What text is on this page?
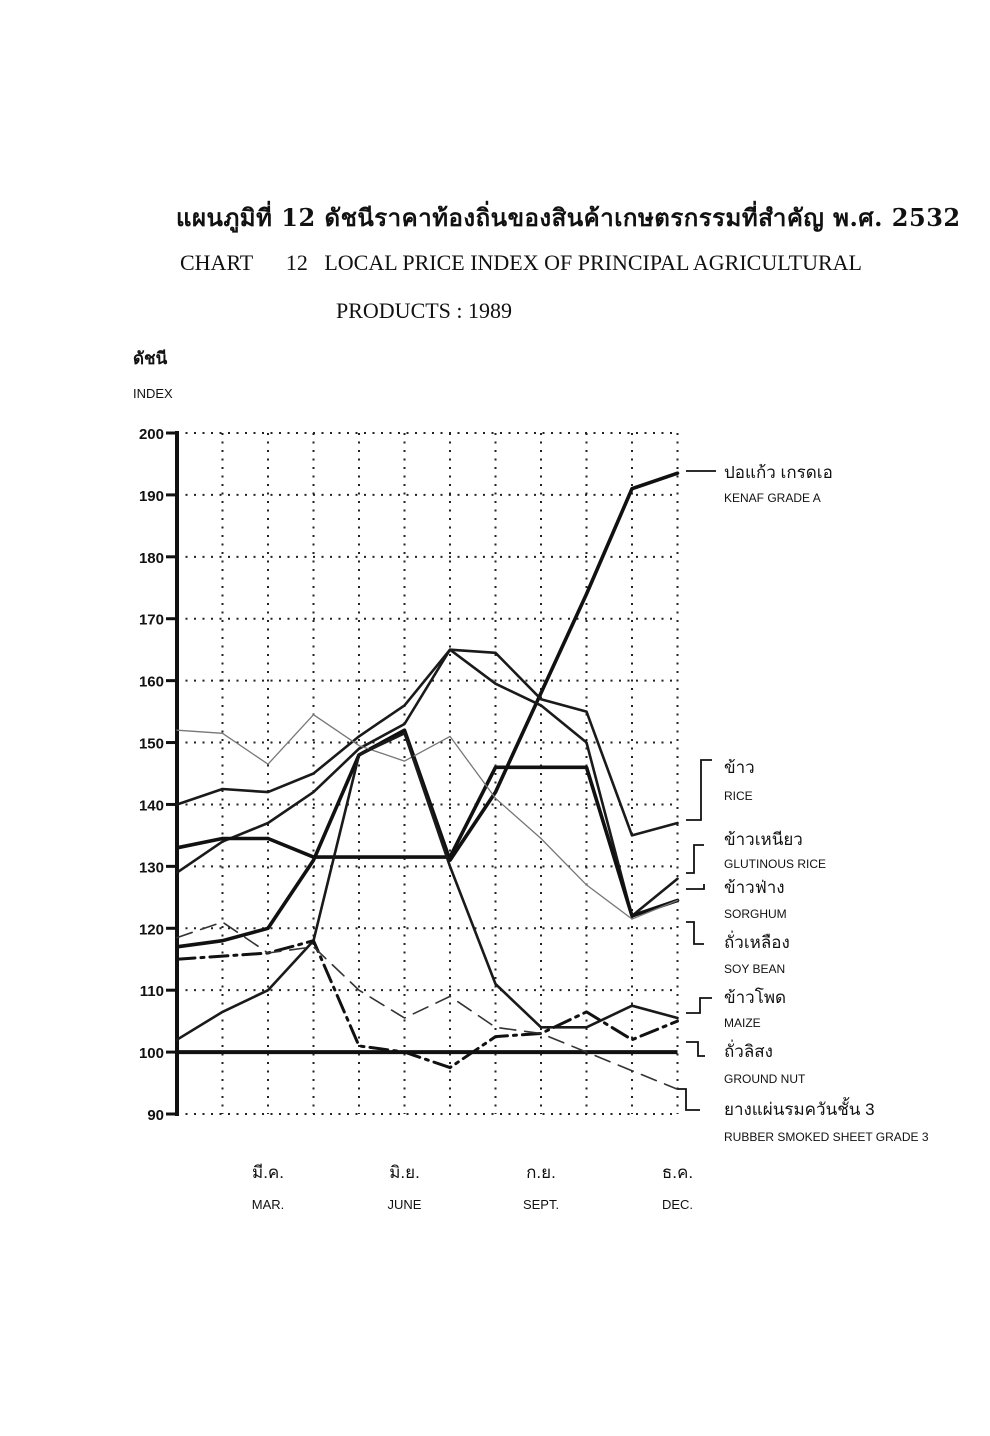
แผนภูมิที่ 12 ดัชนีราคาท้องถิ่นของสินค้าเกษตรกรรมที่สำคัญ พ.ศ. 2532
CHART      12   LOCAL PRICE INDEX OF PRINCIPAL AGRICULTURAL
PRODUCTS : 1989
ดัชนี
INDEX
90
100
110
120
130
140
150
160
170
180
190
200
มี.ค.
MAR.
มิ.ย.
JUNE
ก.ย.
SEPT.
ธ.ค.
DEC.
ปอแก้ว เกรดเอ
KENAF GRADE A
ข้าว
RICE
ข้าวเหนียว
GLUTINOUS RICE
ข้าวฟ่าง
SORGHUM
ถั่วเหลือง
SOY BEAN
ข้าวโพด
MAIZE
ถั่วลิสง
GROUND NUT
ยางแผ่นรมควันชั้น 3
RUBBER SMOKED SHEET GRADE 3
